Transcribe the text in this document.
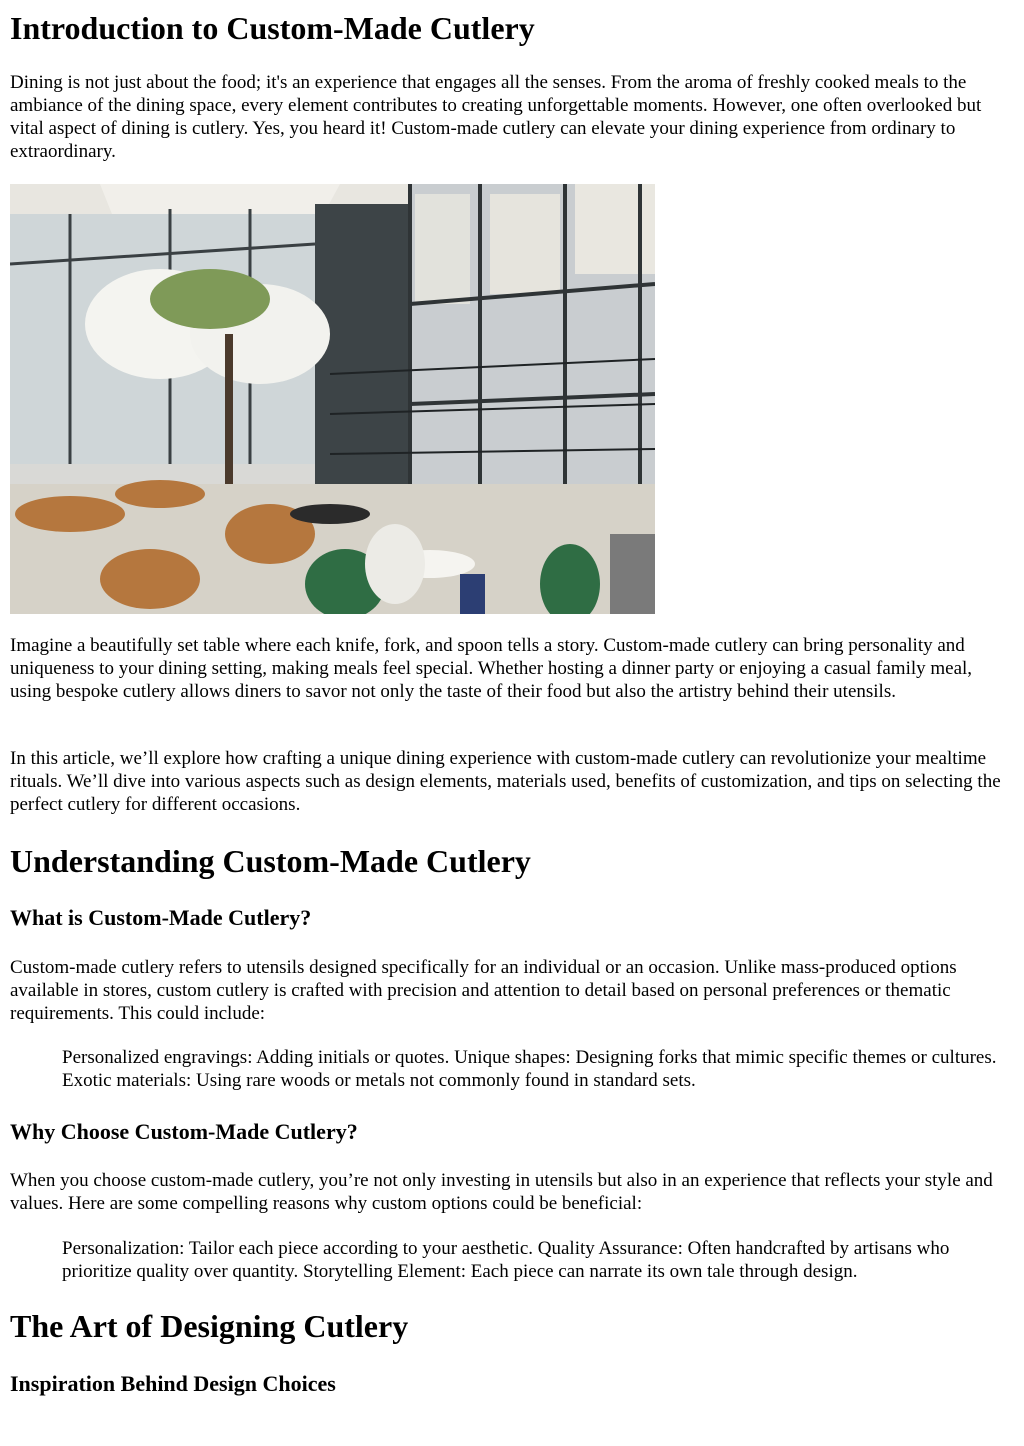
Introduction to Custom-Made Cutlery

Dining is not just about the food; it's an experience that engages all the senses. From the aroma of freshly cooked meals to the ambiance of the dining space, every element contributes to creating unforgettable moments. However, one often overlooked but vital aspect of dining is cutlery. Yes, you heard it! Custom-made cutlery can elevate your dining experience from ordinary to extraordinary.

Imagine a beautifully set table where each knife, fork, and spoon tells a story. Custom-made cutlery can bring personality and uniqueness to your dining setting, making meals feel special. Whether hosting a dinner party or enjoying a casual family meal, using bespoke cutlery allows diners to savor not only the taste of their food but also the artistry behind their utensils.

In this article, we’ll explore how crafting a unique dining experience with custom-made cutlery can revolutionize your mealtime rituals. We’ll dive into various aspects such as design elements, materials used, benefits of customization, and tips on selecting the perfect cutlery for different occasions.

Understanding Custom-Made Cutlery
What is Custom-Made Cutlery?

Custom-made cutlery refers to utensils designed specifically for an individual or an occasion. Unlike mass-produced options available in stores, custom cutlery is crafted with precision and attention to detail based on personal preferences or thematic requirements. This could include:

Personalized engravings: Adding initials or quotes. Unique shapes: Designing forks that mimic specific themes or cultures. Exotic materials: Using rare woods or metals not commonly found in standard sets.
Why Choose Custom-Made Cutlery?

When you choose custom-made cutlery, you’re not only investing in utensils but also in an experience that reflects your style and values. Here are some compelling reasons why custom options could be beneficial:

Personalization: Tailor each piece according to your aesthetic. Quality Assurance: Often handcrafted by artisans who prioritize quality over quantity. Storytelling Element: Each piece can narrate its own tale through design.
The Art of Designing Cutlery
Inspiration Behind Design Choices
